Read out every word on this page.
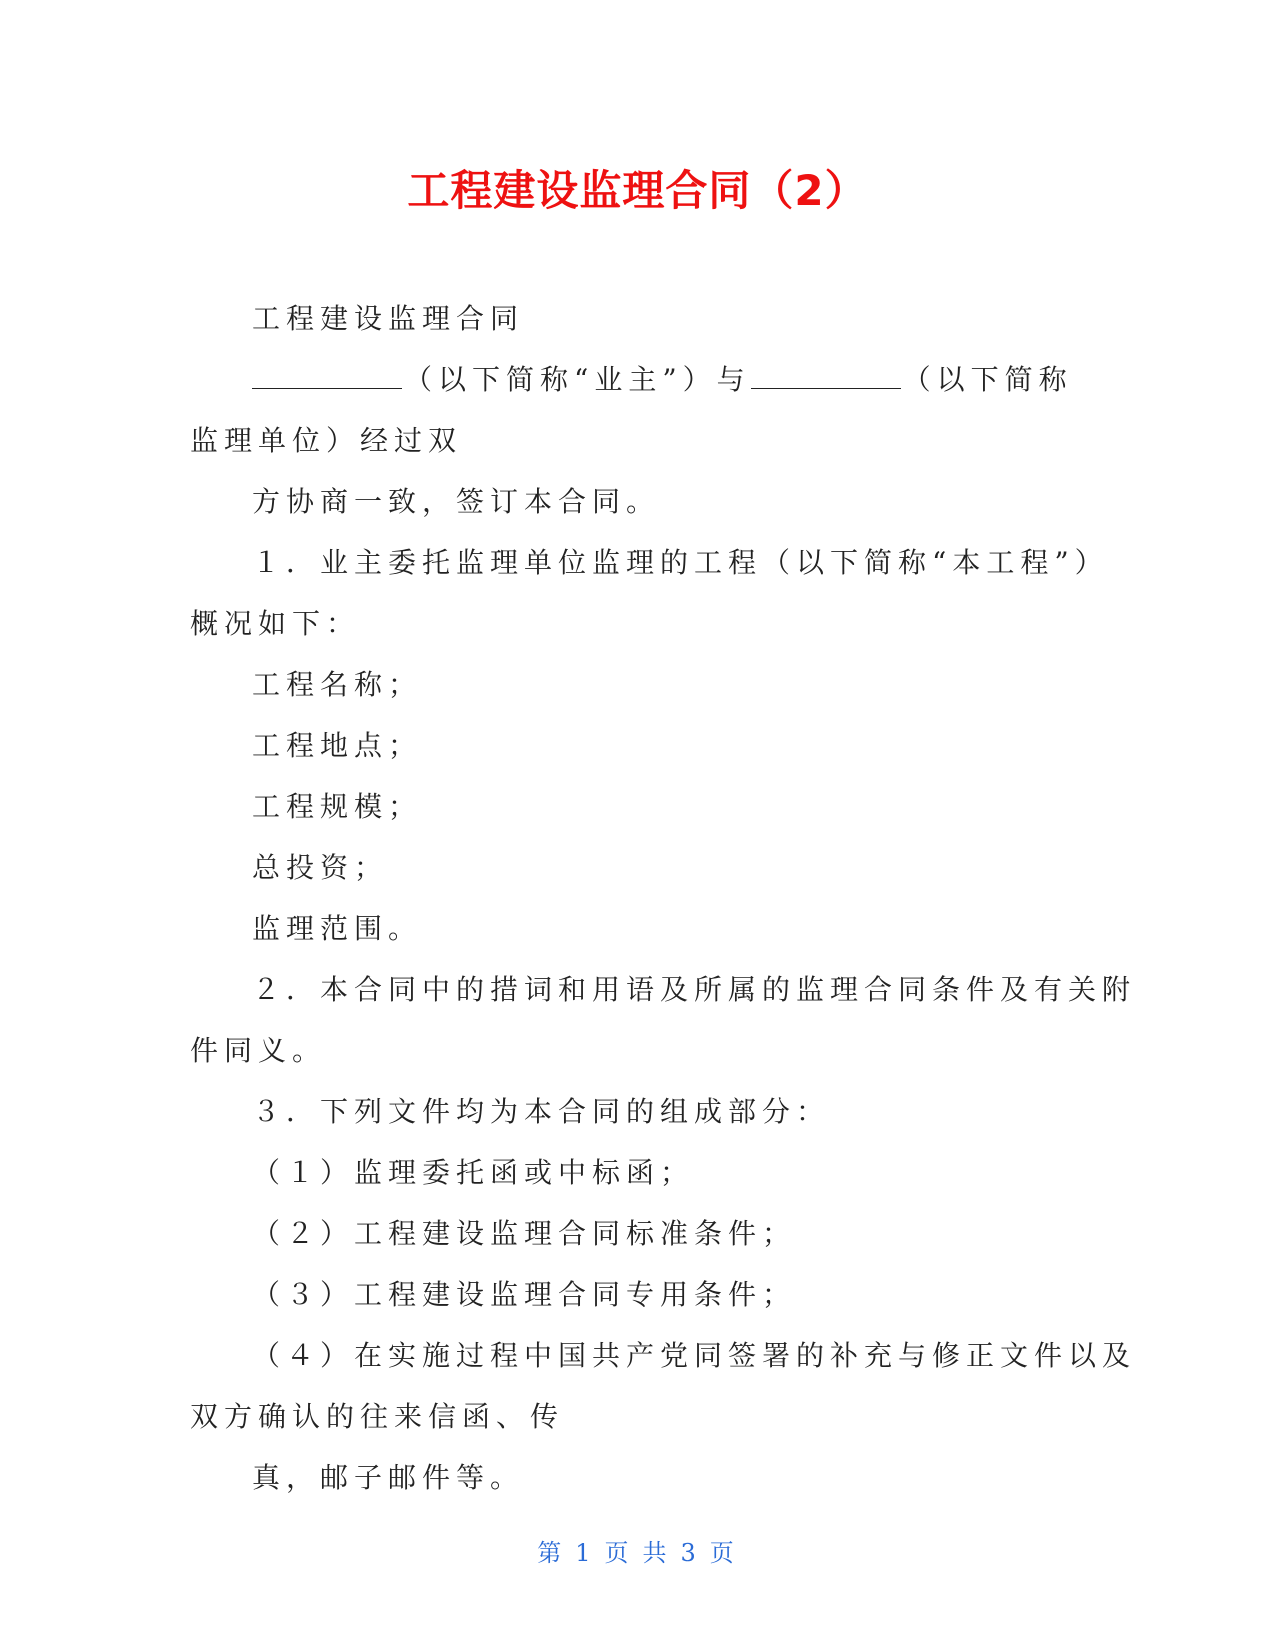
工程建设监理合同（2）
工程建设监理合同
（以下简称“业主”）与	（以下简称
监理单位）经过双
方协商一致，签订本合同。
１．业主委托监理单位监理的工程（以下简称“本工程”）
概况如下：
工程名称；
工程地点；
工程规模；
总投资；
监理范围。
２．本合同中的措词和用语及所属的监理合同条件及有关附
件同义。
３．下列文件均为本合同的组成部分：
（１）监理委托函或中标函；
（２）工程建设监理合同标准条件；
（３）工程建设监理合同专用条件；
（４）在实施过程中国共产党同签署的补充与修正文件以及
双方确认的往来信函、传
真，邮子邮件等。
第 1 页 共 3 页
